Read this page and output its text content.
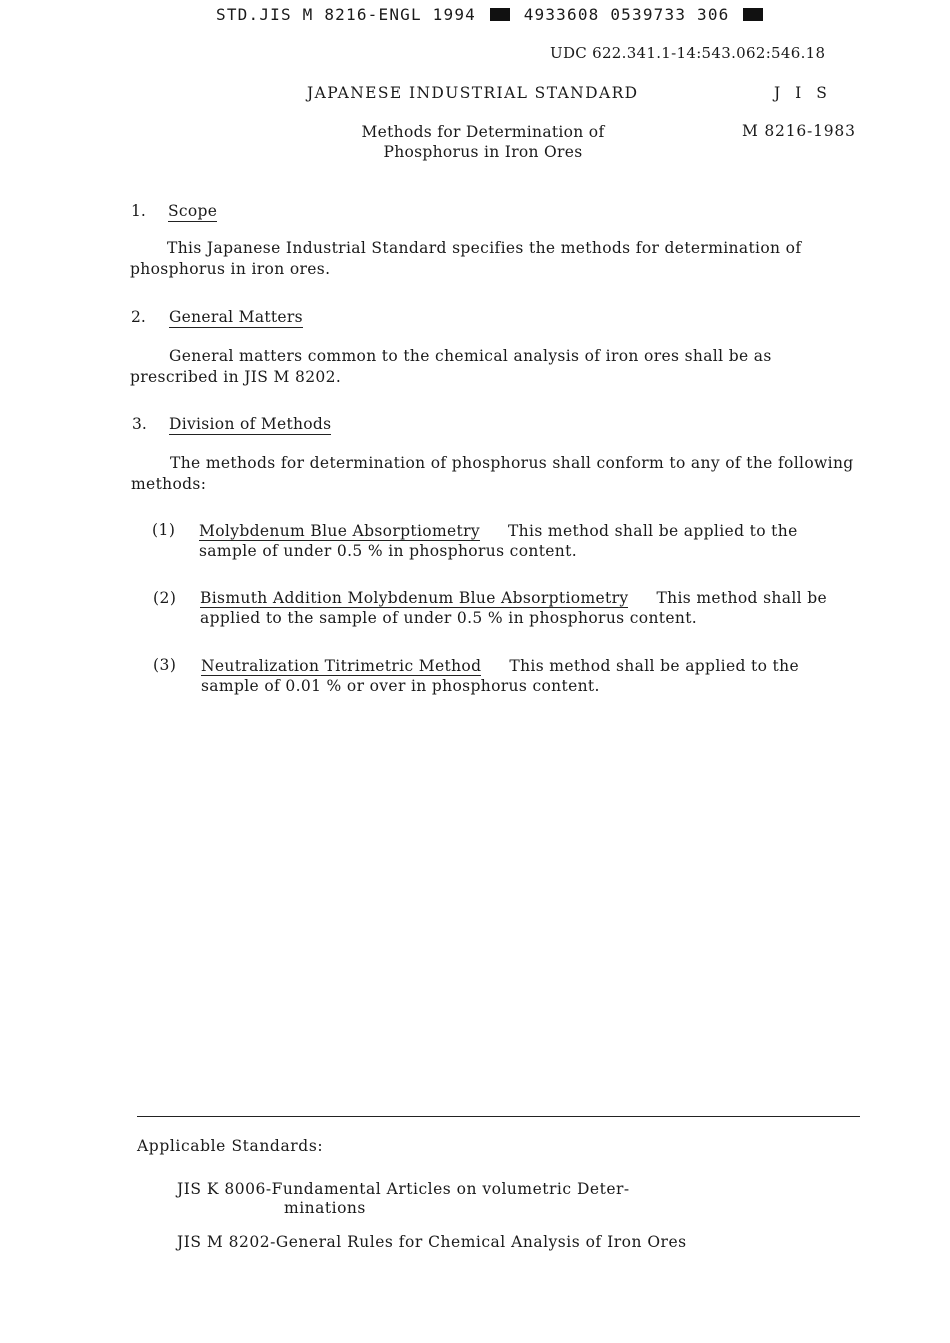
STD.JIS M 8216-ENGL 1994	4933608 0539733 306
UDC 622.341.1-14:543.062:546.18
JAPANESE INDUSTRIAL STANDARD	J I S
Methods for Determination of
Phosphorus in Iron Ores
M 8216-1983
1. Scope
This Japanese Industrial Standard specifies the methods for determination of phosphorus in iron ores.
2. General Matters
General matters common to the chemical analysis of iron ores shall be as prescribed in JIS M 8202.
3. Division of Methods
The methods for determination of phosphorus shall conform to any of the following methods:
(1) Molybdenum Blue Absorptiometry This method shall be applied to the sample of under 0.5 % in phosphorus content.
(2) Bismuth Addition Molybdenum Blue Absorptiometry This method shall be applied to the sample of under 0.5 % in phosphorus content.
(3) Neutralization Titrimetric Method This method shall be applied to the sample of 0.01 % or over in phosphorus content.
Applicable Standards:
JIS K 8006-Fundamental Articles on volumetric Deter-
minations
JIS M 8202-General Rules for Chemical Analysis of Iron Ores
